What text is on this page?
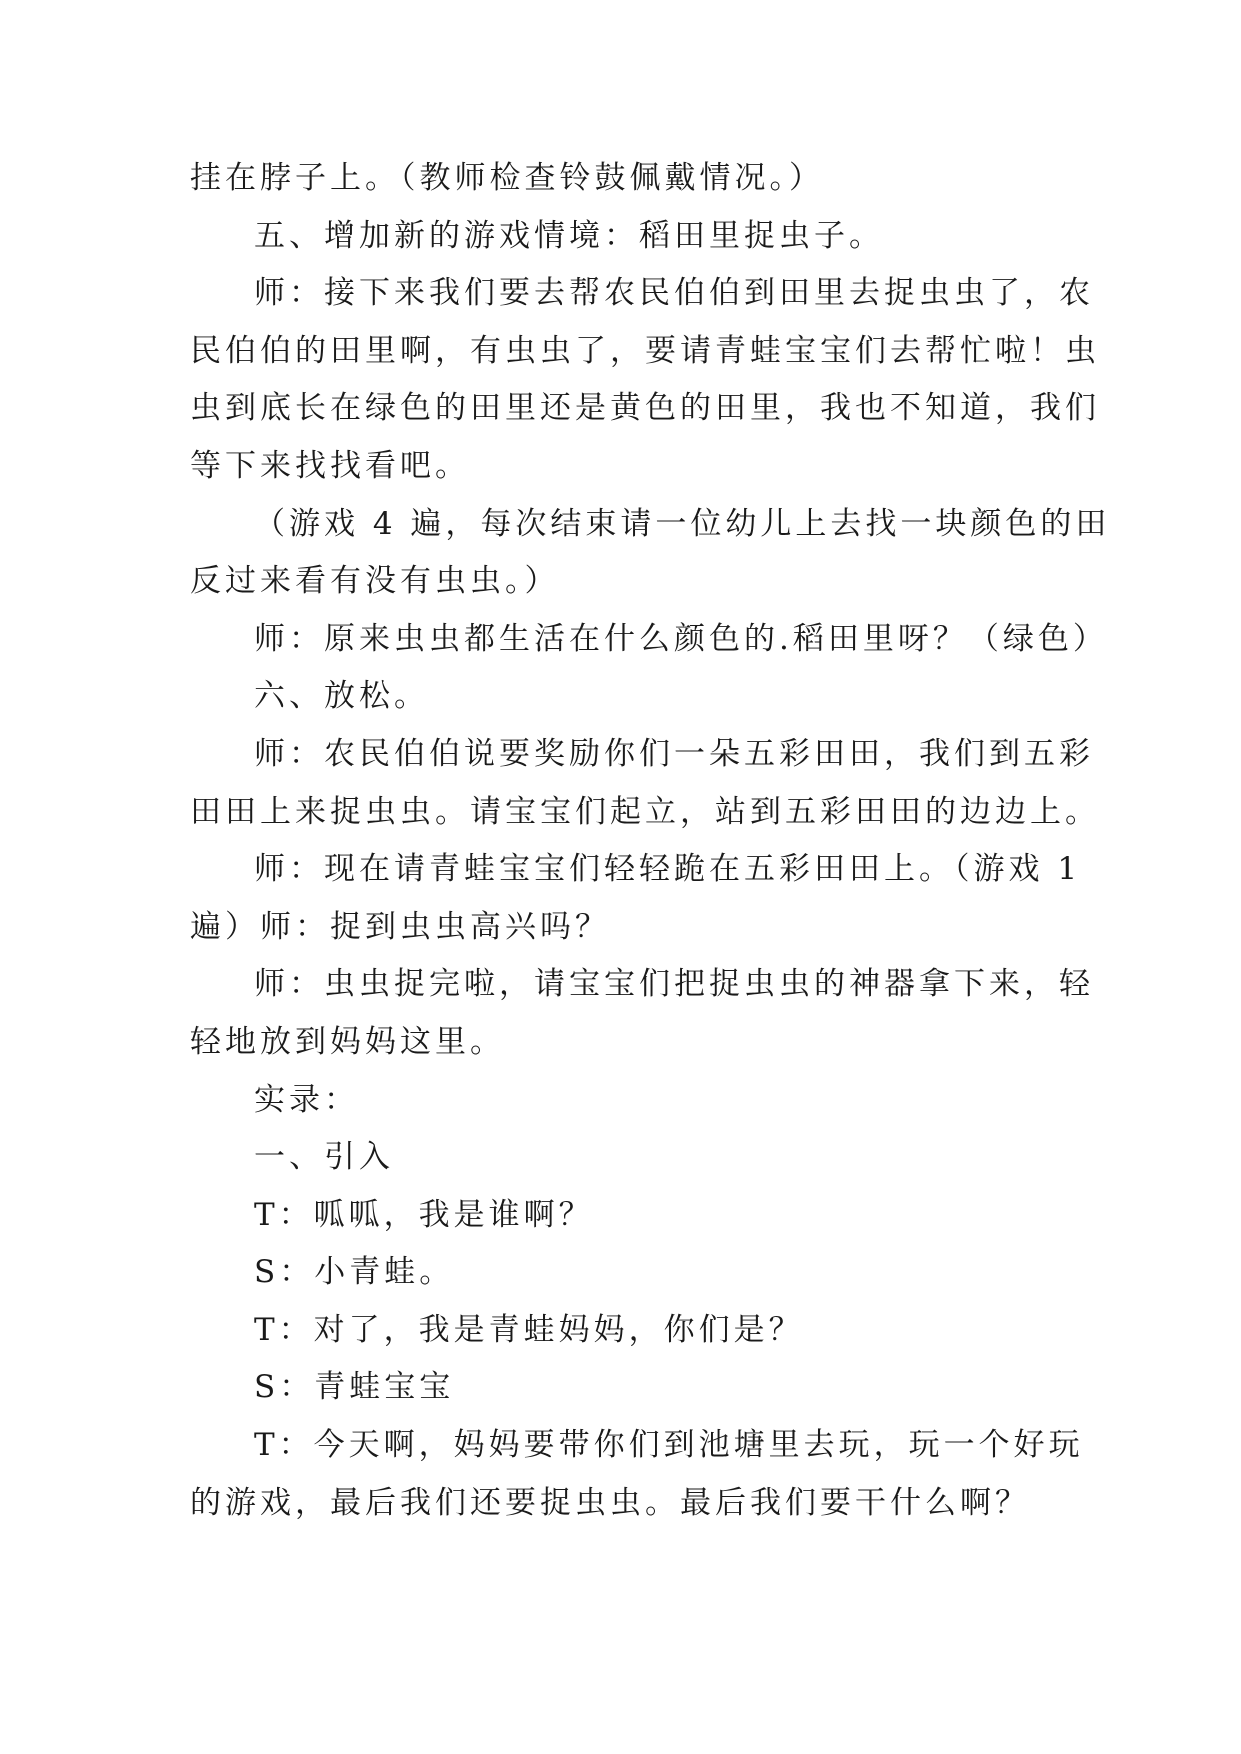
挂在脖子上。（教师检查铃鼓佩戴情况。）

五、增加新的游戏情境：稻田里捉虫子。

师：接下来我们要去帮农民伯伯到田里去捉虫虫了，农

民伯伯的田里啊，有虫虫了，要请青蛙宝宝们去帮忙啦！虫

虫到底长在绿色的田里还是黄色的田里，我也不知道，我们

等下来找找看吧。

（游戏 4 遍，每次结束请一位幼儿上去找一块颜色的田

反过来看有没有虫虫。）

师：原来虫虫都生活在什么颜色的.稻田里呀？（绿色）

六、放松。

师：农民伯伯说要奖励你们一朵五彩田田，我们到五彩

田田上来捉虫虫。请宝宝们起立，站到五彩田田的边边上。

师：现在请青蛙宝宝们轻轻跪在五彩田田上。（游戏 1

遍）师：捉到虫虫高兴吗？

师：虫虫捉完啦，请宝宝们把捉虫虫的神器拿下来，轻

轻地放到妈妈这里。

实录：

一、引入

T：呱呱，我是谁啊？

S：小青蛙。

T：对了，我是青蛙妈妈，你们是？

S：青蛙宝宝

T：今天啊，妈妈要带你们到池塘里去玩，玩一个好玩

的游戏，最后我们还要捉虫虫。最后我们要干什么啊？
